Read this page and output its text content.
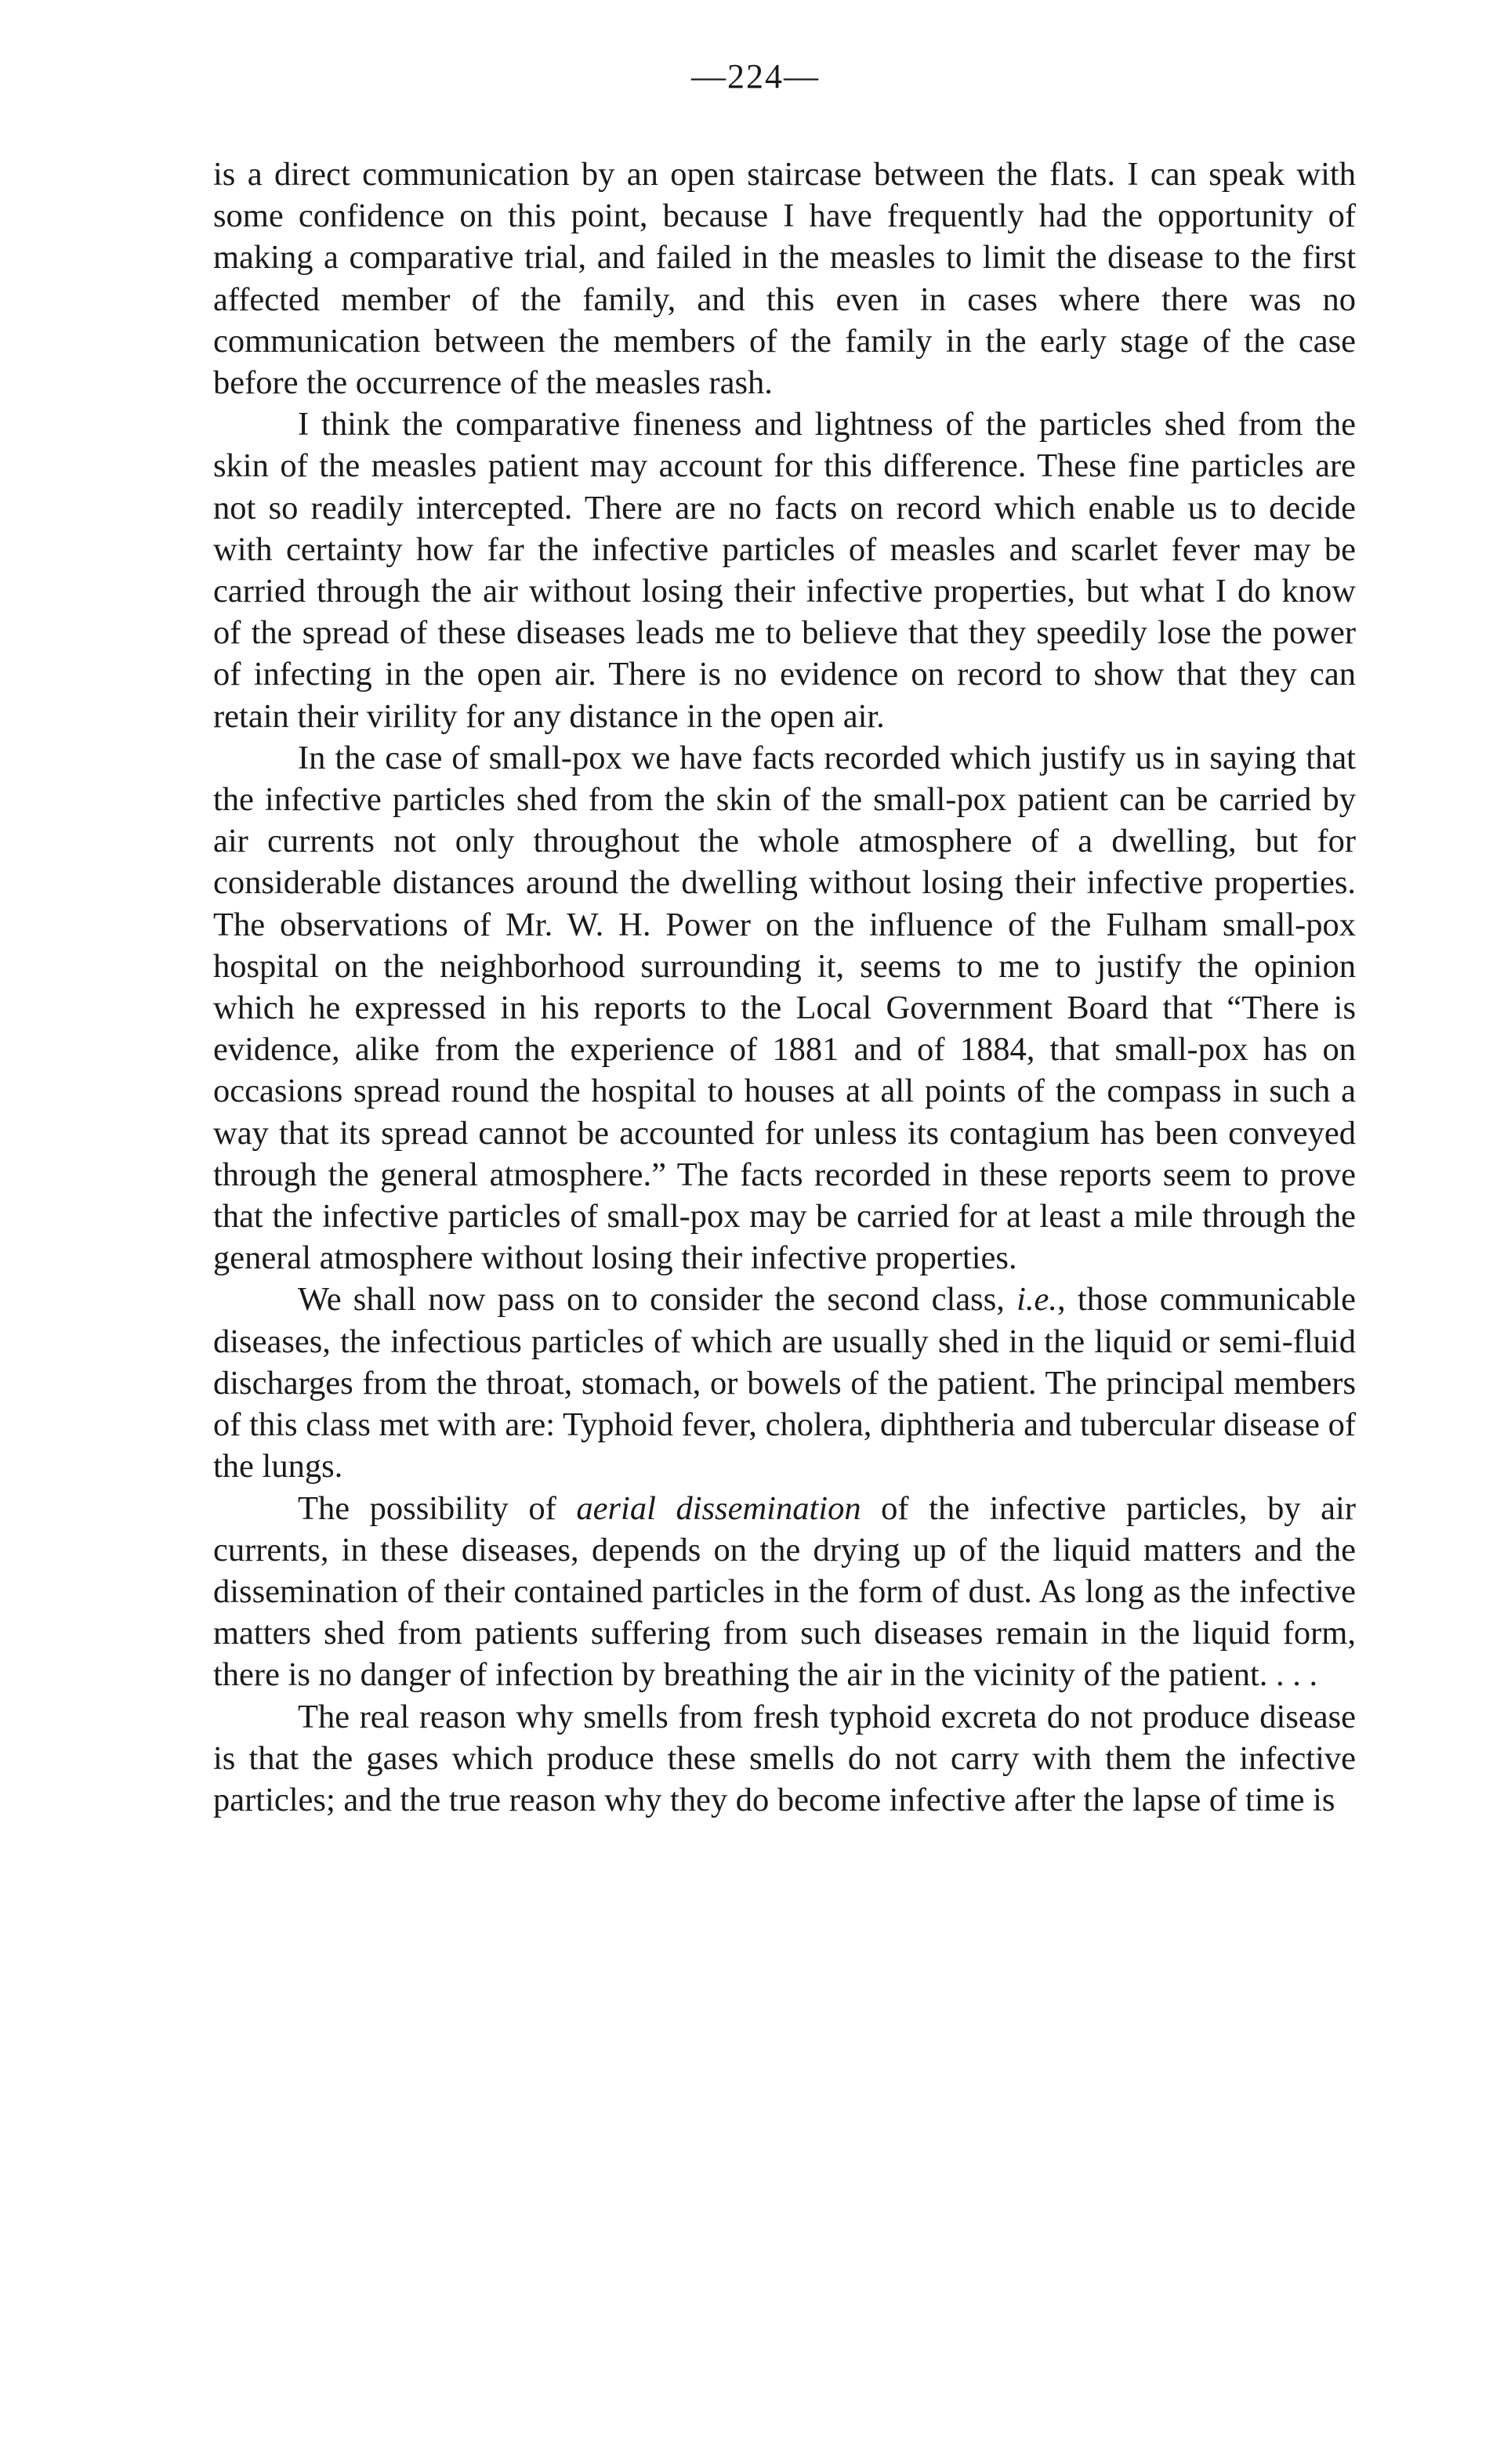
—224—

is a direct communication by an open staircase between the flats. I can speak with some confidence on this point, because I have frequently had the opportunity of making a comparative trial, and failed in the measles to limit the disease to the first affected member of the family, and this even in cases where there was no communication between the members of the family in the early stage of the case before the occurrence of the measles rash.

I think the comparative fineness and lightness of the particles shed from the skin of the measles patient may account for this difference. These fine particles are not so readily intercepted. There are no facts on record which enable us to decide with certainty how far the infective particles of measles and scarlet fever may be carried through the air without losing their infective properties, but what I do know of the spread of these diseases leads me to believe that they speedily lose the power of infecting in the open air. There is no evidence on record to show that they can retain their virility for any distance in the open air.

In the case of small-pox we have facts recorded which justify us in saying that the infective particles shed from the skin of the small-pox patient can be carried by air currents not only throughout the whole atmosphere of a dwelling, but for considerable distances around the dwelling without losing their infective properties. The observations of Mr. W. H. Power on the influence of the Fulham small-pox hospital on the neighborhood surrounding it, seems to me to justify the opinion which he expressed in his reports to the Local Government Board that “There is evidence, alike from the experience of 1881 and of 1884, that small-pox has on occasions spread round the hospital to houses at all points of the compass in such a way that its spread cannot be accounted for unless its contagium has been conveyed through the general atmosphere.” The facts recorded in these reports seem to prove that the infective particles of small-pox may be carried for at least a mile through the general atmosphere without losing their infective properties.

We shall now pass on to consider the second class, i.e., those communicable diseases, the infectious particles of which are usually shed in the liquid or semi-fluid discharges from the throat, stomach, or bowels of the patient. The principal members of this class met with are: Typhoid fever, cholera, diphtheria and tubercular disease of the lungs.

The possibility of aerial dissemination of the infective particles, by air currents, in these diseases, depends on the drying up of the liquid matters and the dissemination of their contained particles in the form of dust. As long as the infective matters shed from patients suffering from such diseases remain in the liquid form, there is no danger of infection by breathing the air in the vicinity of the patient. . . .

The real reason why smells from fresh typhoid excreta do not produce disease is that the gases which produce these smells do not carry with them the infective particles; and the true reason why they do become infective after the lapse of time is
